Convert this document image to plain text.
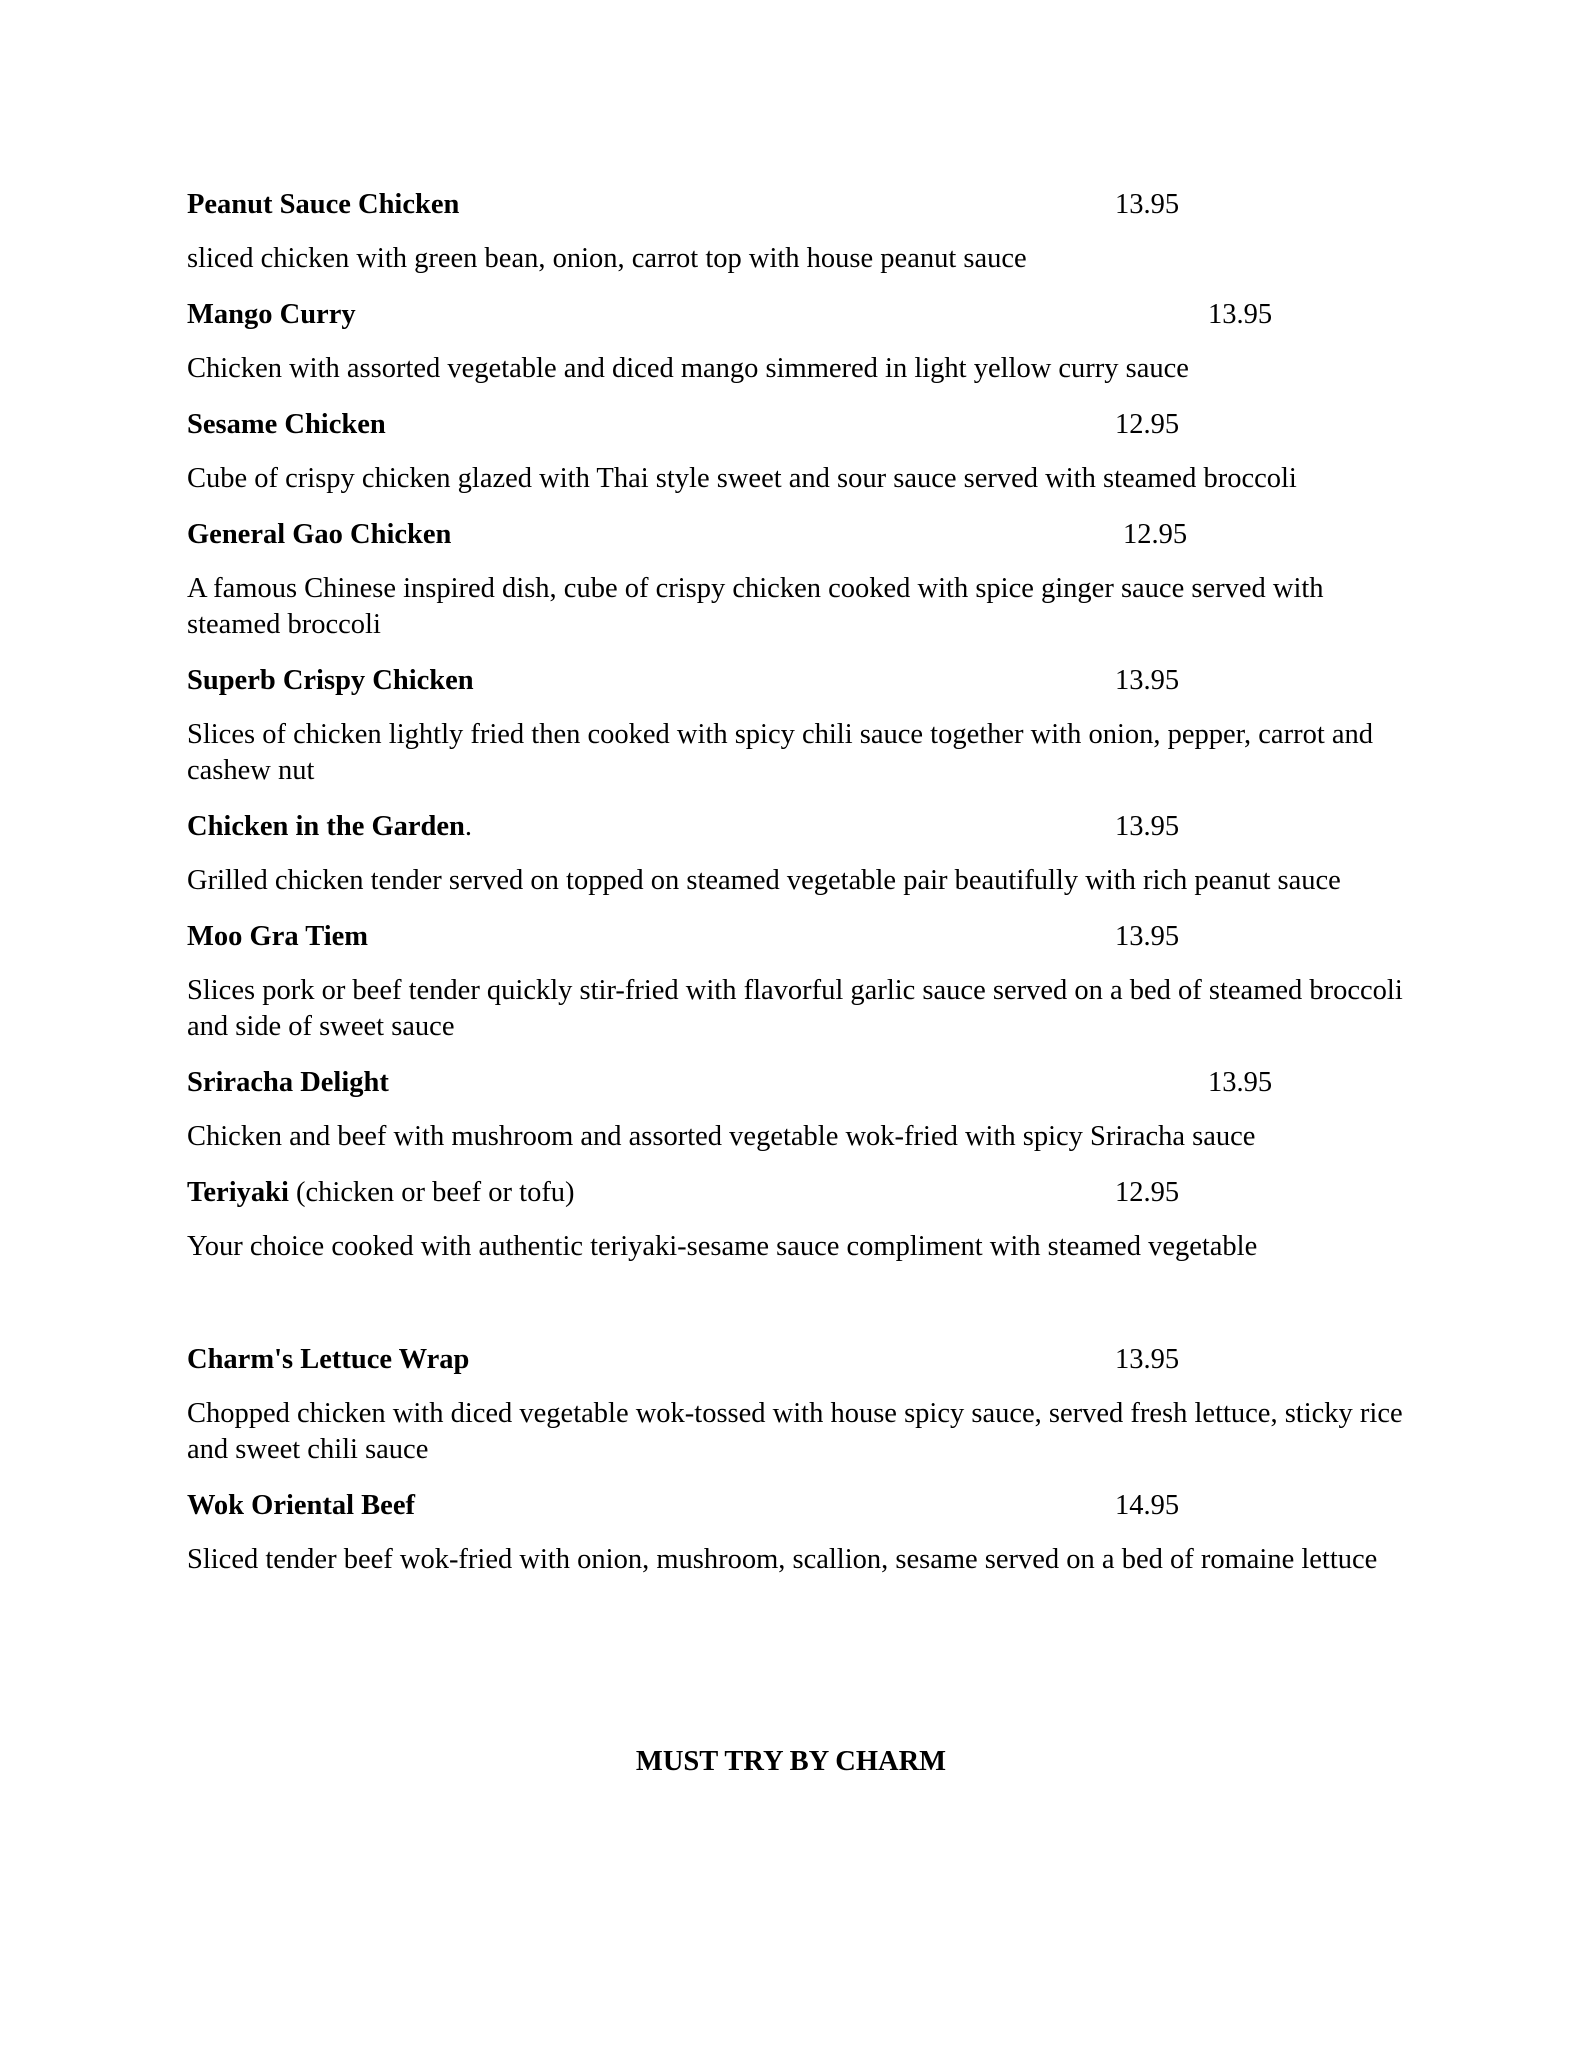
Peanut Sauce Chicken	13.95
sliced chicken with green bean, onion, carrot top with house peanut sauce
Mango Curry	13.95
Chicken with assorted vegetable and diced mango simmered in light yellow curry sauce
Sesame Chicken	12.95
Cube of crispy chicken glazed with Thai style sweet and sour sauce served with steamed broccoli
General Gao Chicken	12.95
A famous Chinese inspired dish, cube of crispy chicken cooked with spice ginger sauce served with steamed broccoli
Superb Crispy Chicken	13.95
Slices of chicken lightly fried then cooked with spicy chili sauce together with onion, pepper, carrot and cashew nut
Chicken in the Garden.	13.95
Grilled chicken tender served on topped on steamed vegetable pair beautifully with rich peanut sauce
Moo Gra Tiem	13.95
Slices pork or beef tender quickly stir-fried with flavorful garlic sauce served on a bed of steamed broccoli and side of sweet sauce
Sriracha Delight	13.95
Chicken and beef with mushroom and assorted vegetable wok-fried with spicy Sriracha sauce
Teriyaki (chicken or beef or tofu)	12.95
Your choice cooked with authentic teriyaki-sesame sauce compliment with steamed vegetable
Charm's Lettuce Wrap	13.95
Chopped chicken with diced vegetable wok-tossed with house spicy sauce, served fresh lettuce, sticky rice and sweet chili sauce
Wok Oriental Beef	14.95
Sliced tender beef wok-fried with onion, mushroom, scallion, sesame served on a bed of romaine lettuce
MUST TRY BY CHARM
